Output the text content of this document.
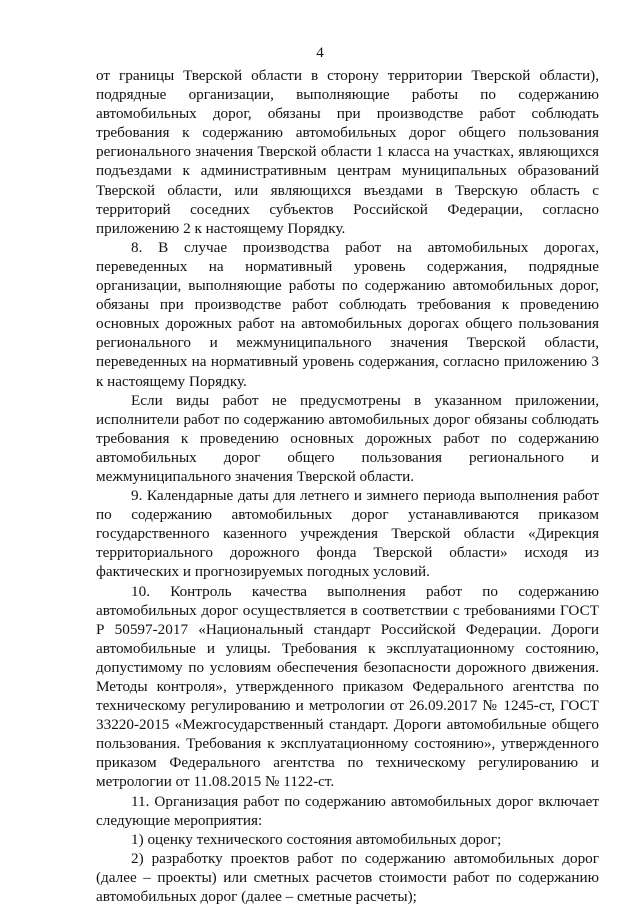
4

от границы Тверской области в сторону территории Тверской области), подрядные организации, выполняющие работы по содержанию автомобильных дорог, обязаны при производстве работ соблюдать требования к содержанию автомобильных дорог общего пользования регионального значения Тверской области 1 класса на участках, являющихся подъездами к административным центрам муниципальных образований Тверской области, или являющихся въездами в Тверскую область с территорий соседних субъектов Российской Федерации, согласно приложению 2 к настоящему Порядку.

8. В случае производства работ на автомобильных дорогах, переведенных на нормативный уровень содержания, подрядные организации, выполняющие работы по содержанию автомобильных дорог, обязаны при производстве работ соблюдать требования к проведению основных дорожных работ на автомобильных дорогах общего пользования регионального и межмуниципального значения Тверской области, переведенных на нормативный уровень содержания, согласно приложению 3 к настоящему Порядку.

Если виды работ не предусмотрены в указанном приложении, исполнители работ по содержанию автомобильных дорог обязаны соблюдать требования к проведению основных дорожных работ по содержанию автомобильных дорог общего пользования регионального и межмуниципального значения Тверской области.

9. Календарные даты для летнего и зимнего периода выполнения работ по содержанию автомобильных дорог устанавливаются приказом государственного казенного учреждения Тверской области «Дирекция территориального дорожного фонда Тверской области» исходя из фактических и прогнозируемых погодных условий.

10. Контроль качества выполнения работ по содержанию автомобильных дорог осуществляется в соответствии с требованиями ГОСТ Р 50597-2017 «Национальный стандарт Российской Федерации. Дороги автомобильные и улицы. Требования к эксплуатационному состоянию, допустимому по условиям обеспечения безопасности дорожного движения. Методы контроля», утвержденного приказом Федерального агентства по техническому регулированию и метрологии от 26.09.2017 № 1245-ст, ГОСТ 33220-2015 «Межгосударственный стандарт. Дороги автомобильные общего пользования. Требования к эксплуатационному состоянию», утвержденного приказом Федерального агентства по техническому регулированию и метрологии от 11.08.2015 № 1122-ст.

11. Организация работ по содержанию автомобильных дорог включает следующие мероприятия:

1) оценку технического состояния автомобильных дорог;

2) разработку проектов работ по содержанию автомобильных дорог (далее – проекты) или сметных расчетов стоимости работ по содержанию автомобильных дорог (далее – сметные расчеты);
